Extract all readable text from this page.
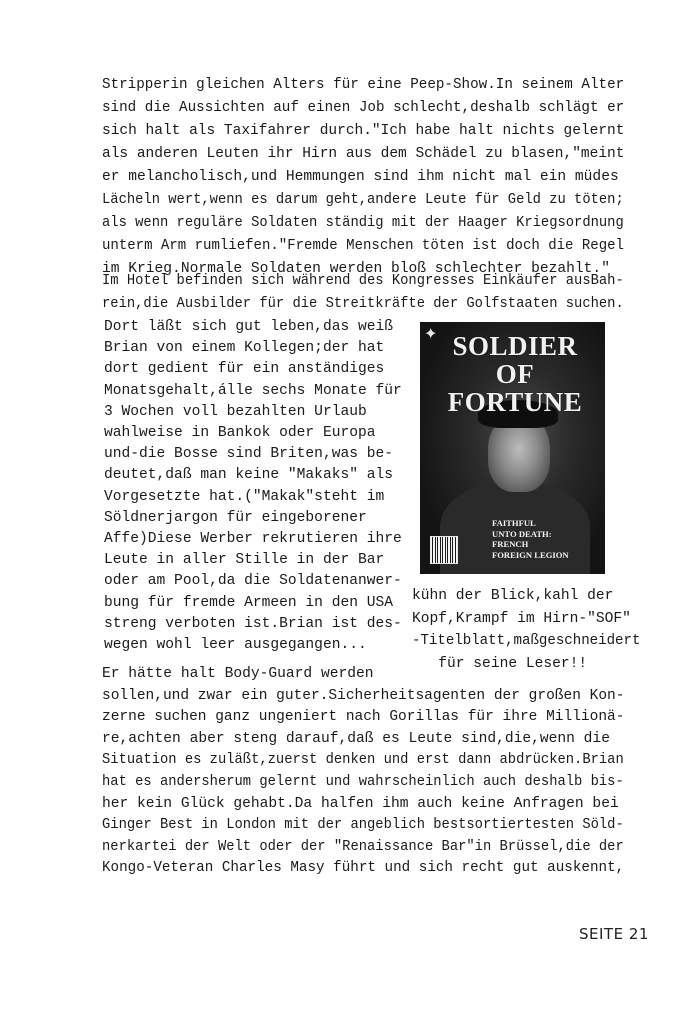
Stripperin gleichen Alters für eine Peep-Show.In seinem Alter
sind die Aussichten auf einen Job schlecht,deshalb schlägt er
sich halt als Taxifahrer durch."Ich habe halt nichts gelernt
als anderen Leuten ihr Hirn aus dem Schädel zu blasen,"meint
er melancholisch,und Hemmungen sind ihm nicht mal ein müdes
Lächeln wert,wenn es darum geht,andere Leute für Geld zu töten;
als wenn reguläre Soldaten ständig mit der Haager Kriegsordnung
unterm Arm rumliefen."Fremde Menschen töten ist doch die Regel
im Krieg.Normale Soldaten werden bloß schlechter bezahlt."
Im Hotel befinden sich während des Kongresses Einkäufer ausBah-
rein,die Ausbilder für die Streitkräfte der Golfstaaten suchen.
Dort läßt sich gut leben,das weiß
Brian von einem Kollegen;der hat
dort gedient für ein anständiges
Monatsgehalt,álle sechs Monate für
3 Wochen voll bezahlten Urlaub
wahlweise in Bankok oder Europa
und-die Bosse sind Briten,was be-
deutet,daß man keine "Makaks" als
Vorgesetzte hat.("Makak"steht im
Söldnerjargon für eingeborener
Affe)Diese Werber rekrutieren ihre
Leute in aller Stille in der Bar
oder am Pool,da die Soldatenanwer-
bung für fremde Armeen in den USA
streng verboten ist.Brian ist des-
wegen wohl leer ausgegangen...
✦ SOLDIER
OF FORTUNE
FAITHFUL
UNTO DEATH:
FRENCH
FOREIGN LEGION
kühn der Blick,kahl der
Kopf,Krampf im Hirn-"SOF"
-Titelblatt,maßgeschneidert
für seine Leser!!
Er hätte halt Body-Guard werden
sollen,und zwar ein guter.Sicherheitsagenten der großen Kon-
zerne suchen ganz ungeniert nach Gorillas für ihre Millionä-
re,achten aber steng darauf,daß es Leute sind,die,wenn die
Situation es zuläßt,zuerst denken und erst dann abdrücken.Brian
hat es andersherum gelernt und wahrscheinlich auch deshalb bis-
her kein Glück gehabt.Da halfen ihm auch keine Anfragen bei
Ginger Best in London mit der angeblich bestsortiertesten Söld-
nerkartei der Welt oder der "Renaissance Bar"in Brüssel,die der
Kongo-Veteran Charles Masy führt und sich recht gut auskennt,
SEITE 21
